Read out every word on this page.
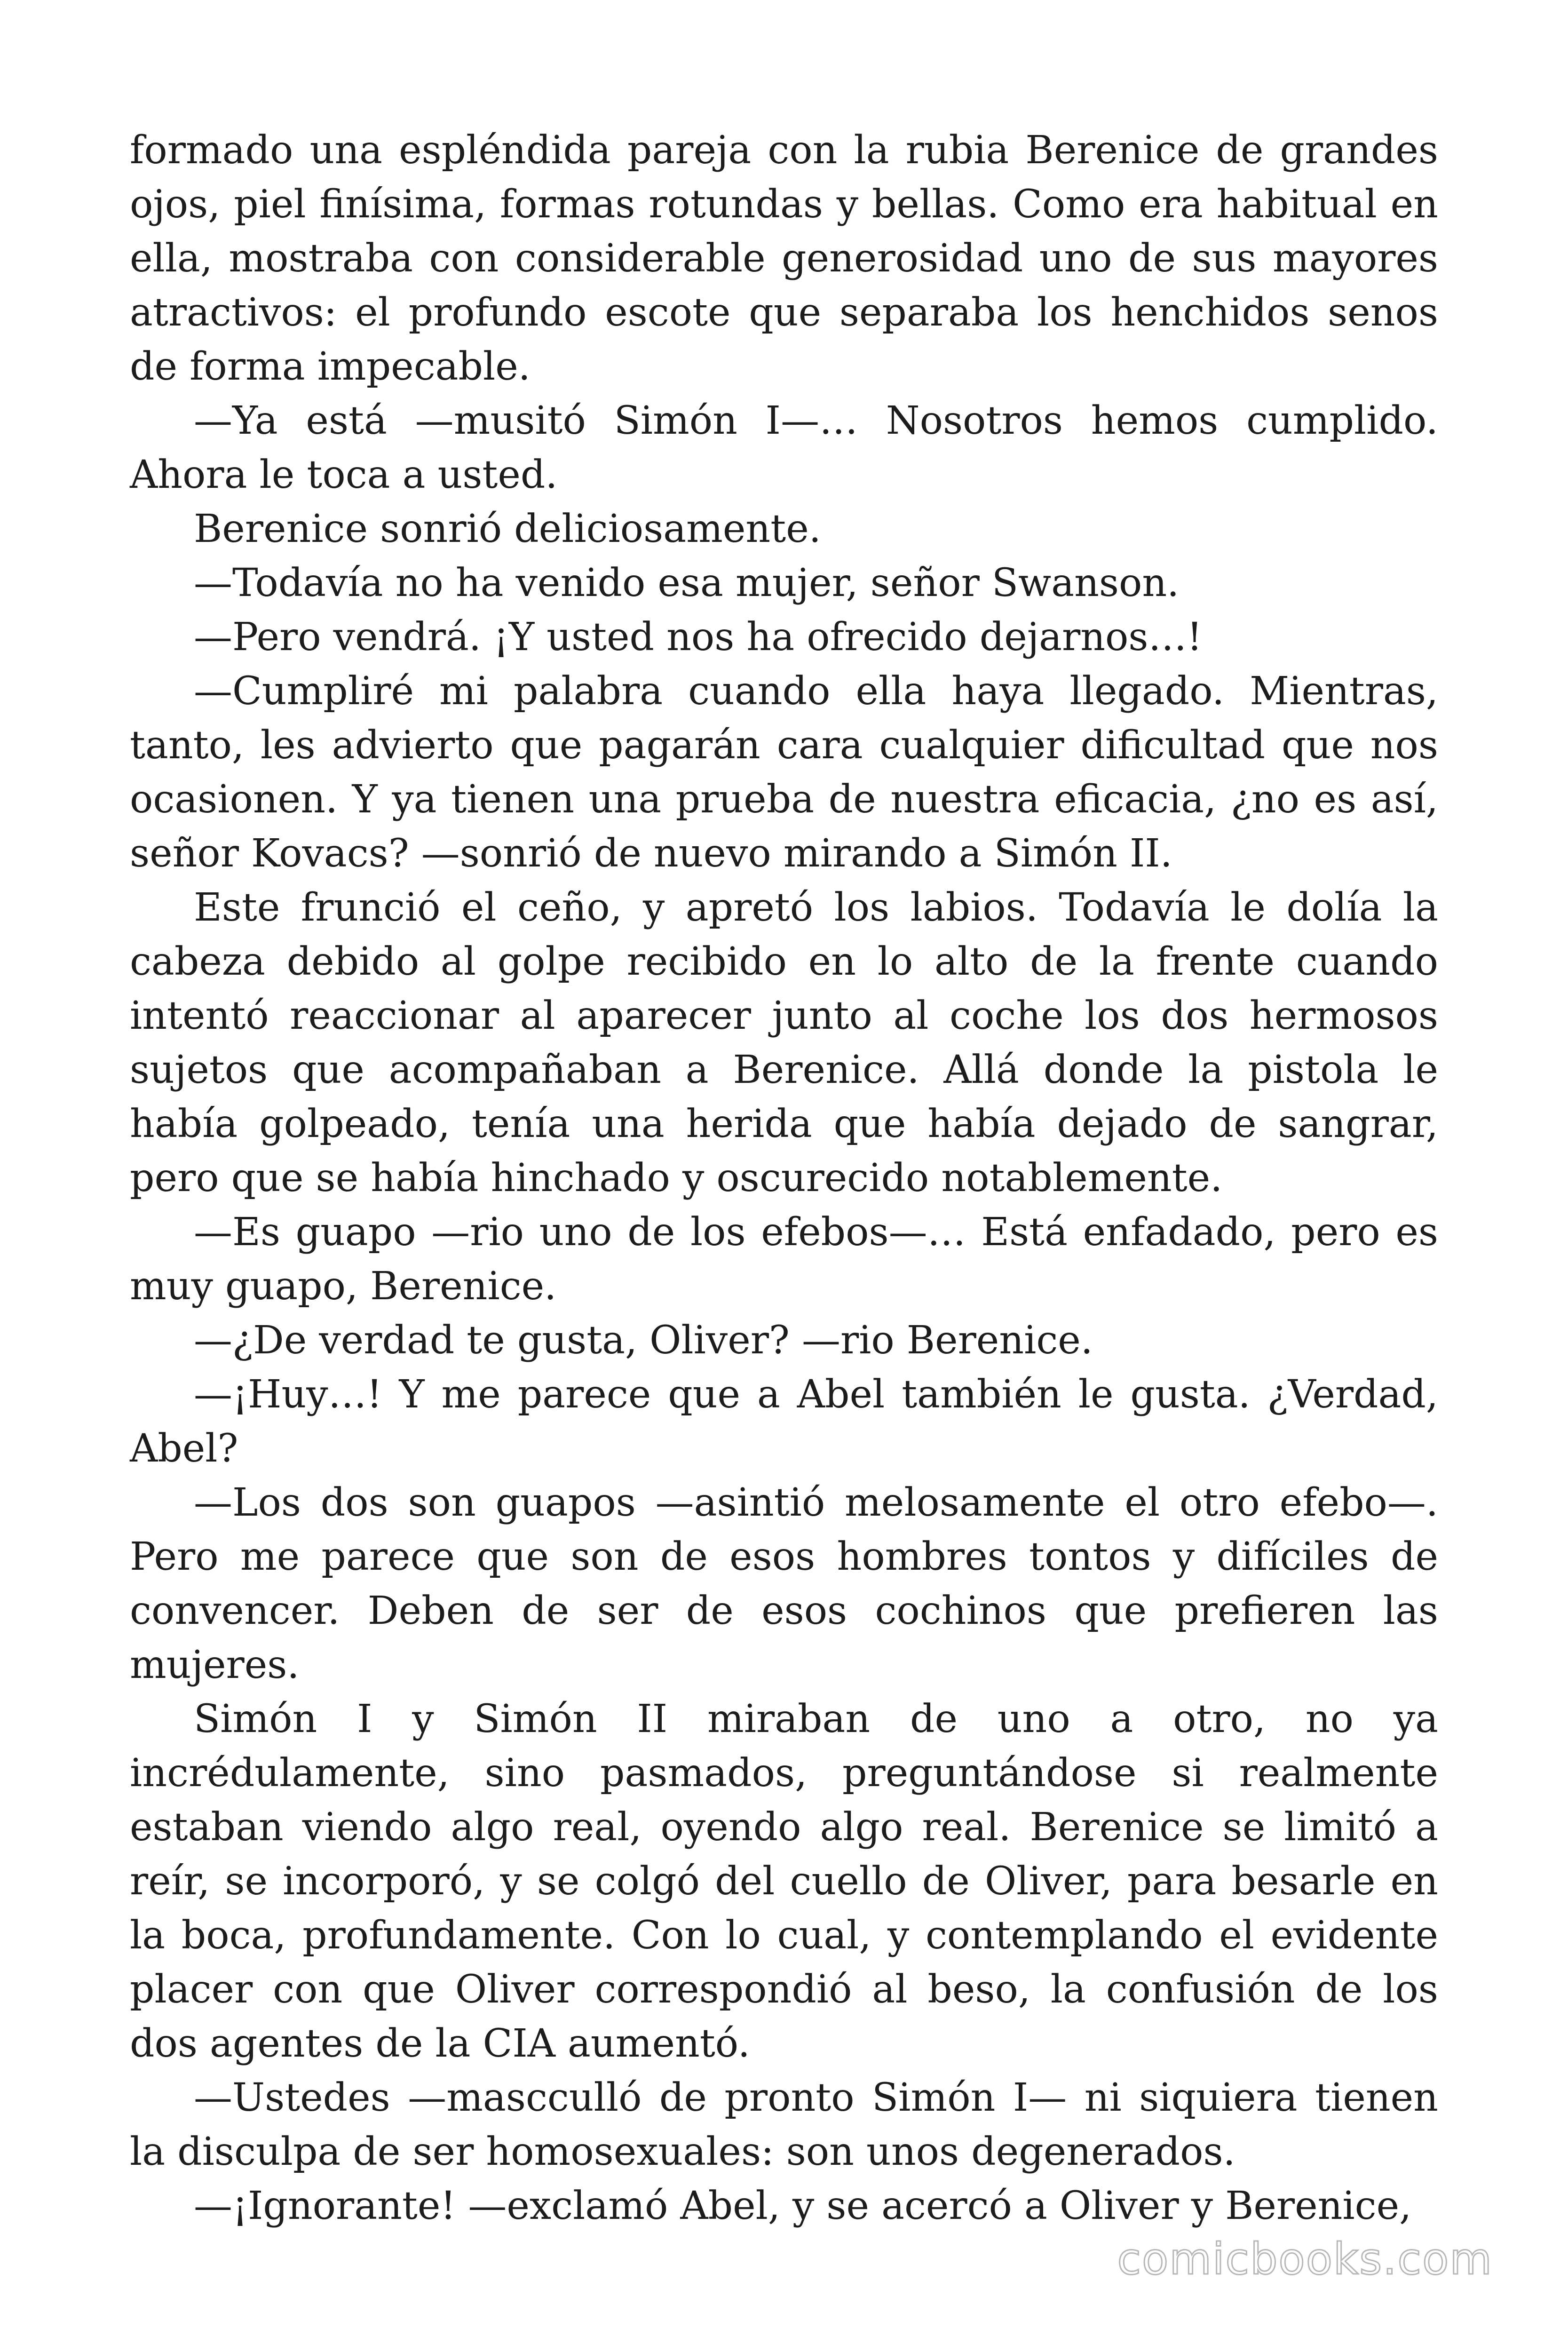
formado una espléndida pareja con la rubia Berenice de grandes ojos, piel finísima, formas rotundas y bellas. Como era habitual en ella, mostraba con considerable generosidad uno de sus mayores atractivos: el profundo escote que separaba los henchidos senos de forma impecable.

—Ya está —musitó Simón I—… Nosotros hemos cumplido. Ahora le toca a usted.

Berenice sonrió deliciosamente.

—Todavía no ha venido esa mujer, señor Swanson.

—Pero vendrá. ¡Y usted nos ha ofrecido dejarnos…!

—Cumpliré mi palabra cuando ella haya llegado. Mientras, tanto, les advierto que pagarán cara cualquier dificultad que nos ocasionen. Y ya tienen una prueba de nuestra eficacia, ¿no es así, señor Kovacs? —sonrió de nuevo mirando a Simón II.

Este frunció el ceño, y apretó los labios. Todavía le dolía la cabeza debido al golpe recibido en lo alto de la frente cuando intentó reaccionar al aparecer junto al coche los dos hermosos sujetos que acompañaban a Berenice. Allá donde la pistola le había golpeado, tenía una herida que había dejado de sangrar, pero que se había hinchado y oscurecido notablemente.

—Es guapo —rio uno de los efebos—… Está enfadado, pero es muy guapo, Berenice.

—¿De verdad te gusta, Oliver? —rio Berenice.

—¡Huy…! Y me parece que a Abel también le gusta. ¿Verdad, Abel?

—Los dos son guapos —asintió melosamente el otro efebo—. Pero me parece que son de esos hombres tontos y difíciles de convencer. Deben de ser de esos cochinos que prefieren las mujeres.

Simón I y Simón II miraban de uno a otro, no ya incrédulamente, sino pasmados, preguntándose si realmente estaban viendo algo real, oyendo algo real. Berenice se limitó a reír, se incorporó, y se colgó del cuello de Oliver, para besarle en la boca, profundamente. Con lo cual, y contemplando el evidente placer con que Oliver correspondió al beso, la confusión de los dos agentes de la CIA aumentó.

—Ustedes —mascculló de pronto Simón I— ni siquiera tienen la disculpa de ser homosexuales: son unos degenerados.

—¡Ignorante! —exclamó Abel, y se acercó a Oliver y Berenice,

comicbooks.com
